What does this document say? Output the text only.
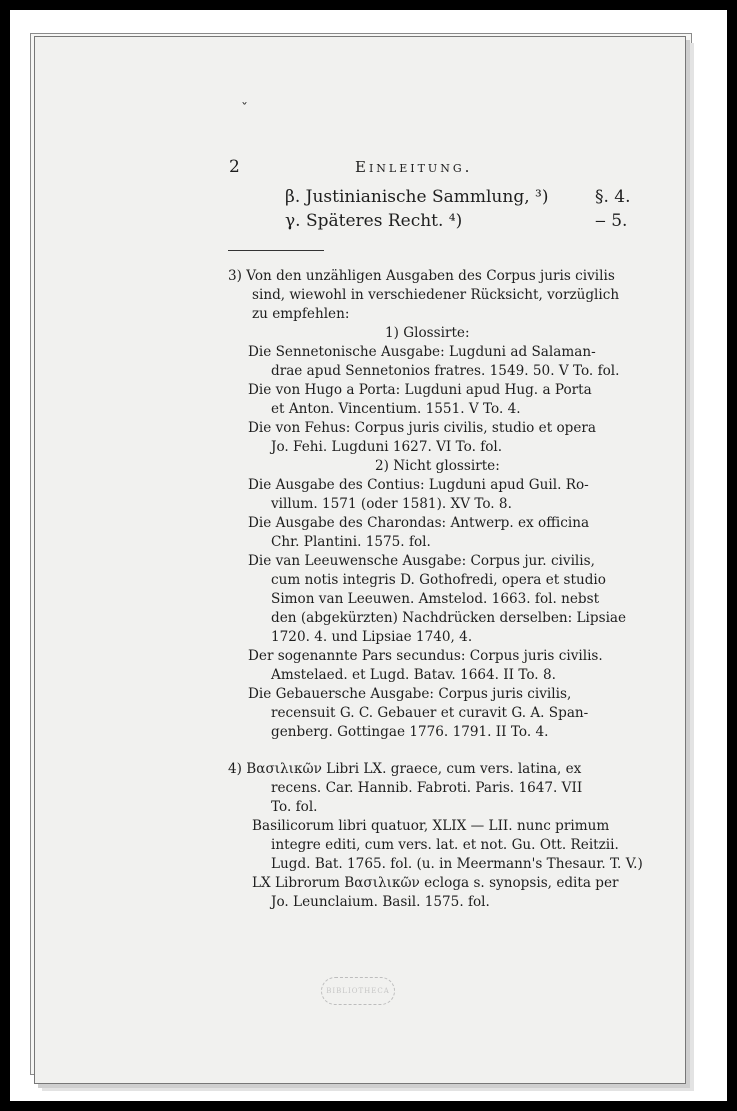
ˇ
2	Einleitung.
β. Justinianische Sammlung, ³)	§. 4.
γ. Späteres Recht. ⁴)	‒ 5.
3) Von den unzähligen Ausgaben des Corpus juris civilis
sind, wiewohl in verschiedener Rücksicht, vorzüglich
zu empfehlen:
1) Glossirte:
Die Sennetonische Ausgabe: Lugduni ad Salaman-
drae apud Sennetonios fratres. 1549. 50. V To. fol.
Die von Hugo a Porta: Lugduni apud Hug. a Porta
et Anton. Vincentium. 1551. V To. 4.
Die von Fehus: Corpus juris civilis, studio et opera
Jo. Fehi. Lugduni 1627. VI To. fol.
2) Nicht glossirte:
Die Ausgabe des Contius: Lugduni apud Guil. Ro-
villum. 1571 (oder 1581). XV To. 8.
Die Ausgabe des Charondas: Antwerp. ex officina
Chr. Plantini. 1575. fol.
Die van Leeuwensche Ausgabe: Corpus jur. civilis,
cum notis integris D. Gothofredi, opera et studio
Simon van Leeuwen. Amstelod. 1663. fol. nebst
den (abgekürzten) Nachdrücken derselben: Lipsiae
1720. 4. und Lipsiae 1740, 4.
Der sogenannte Pars secundus: Corpus juris civilis.
Amstelaed. et Lugd. Batav. 1664. II To. 8.
Die Gebauersche Ausgabe: Corpus juris civilis,
recensuit G. C. Gebauer et curavit G. A. Span-
genberg. Gottingae 1776. 1791. II To. 4.
4) Βασιλικῶν Libri LX. graece, cum vers. latina, ex
recens. Car. Hannib. Fabroti. Paris. 1647. VII
To. fol.
Basilicorum libri quatuor, XLIX — LII. nunc primum
integre editi, cum vers. lat. et not. Gu. Ott. Reitzii.
Lugd. Bat. 1765. fol. (u. in Meermann's Thesaur. T. V.)
LX Librorum Βασιλικῶν ecloga s. synopsis, edita per
Jo. Leunclaium. Basil. 1575. fol.
BIBLIOTHECA
